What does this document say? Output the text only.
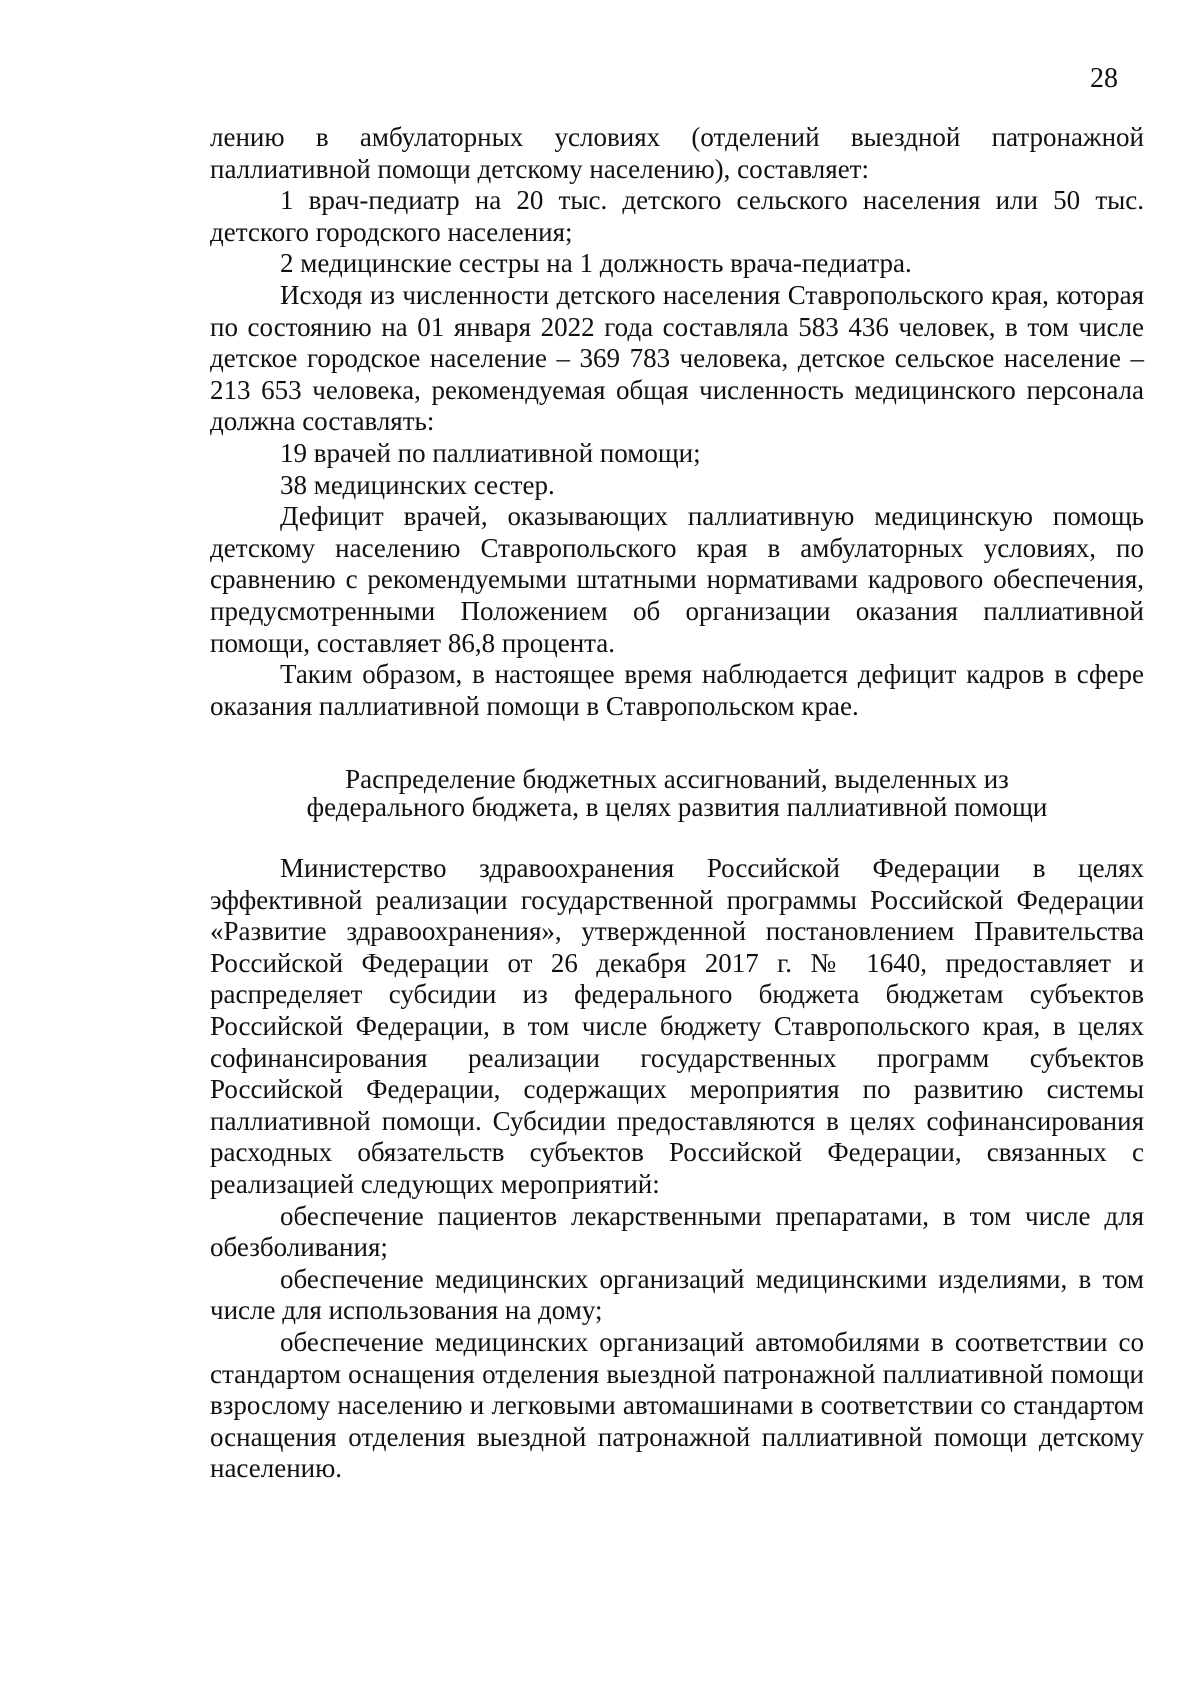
28

лению в амбулаторных условиях (отделений выездной патронажной паллиативной помощи детскому населению), составляет:

1 врач-педиатр на 20 тыс. детского сельского населения или 50 тыс. детского городского населения;

2 медицинские сестры на 1 должность врача-педиатра.

Исходя из численности детского населения Ставропольского края, которая по состоянию на 01 января 2022 года составляла 583 436 человек, в том числе детское городское население – 369 783 человека, детское сельское население – 213 653 человека, рекомендуемая общая численность медицинского персонала должна составлять:

19 врачей по паллиативной помощи;

38 медицинских сестер.

Дефицит врачей, оказывающих паллиативную медицинскую помощь детскому населению Ставропольского края в амбулаторных условиях, по сравнению с рекомендуемыми штатными нормативами кадрового обеспечения, предусмотренными Положением об организации оказания паллиативной помощи, составляет 86,8 процента.

Таким образом, в настоящее время наблюдается дефицит кадров в сфере оказания паллиативной помощи в Ставропольском крае.

Распределение бюджетных ассигнований, выделенных из
федерального бюджета, в целях развития паллиативной помощи

Министерство здравоохранения Российской Федерации в целях эффективной реализации государственной программы Российской Федерации «Развитие здравоохранения», утвержденной постановлением Правительства Российской Федерации от 26 декабря 2017 г. № 1640, предоставляет и распределяет субсидии из федерального бюджета бюджетам субъектов Российской Федерации, в том числе бюджету Ставропольского края, в целях софинансирования реализации государственных программ субъектов Российской Федерации, содержащих мероприятия по развитию системы паллиативной помощи. Субсидии предоставляются в целях софинансирования расходных обязательств субъектов Российской Федерации, связанных с реализацией следующих мероприятий:

обеспечение пациентов лекарственными препаратами, в том числе для обезболивания;

обеспечение медицинских организаций медицинскими изделиями, в том числе для использования на дому;

обеспечение медицинских организаций автомобилями в соответствии со стандартом оснащения отделения выездной патронажной паллиативной помощи взрослому населению и легковыми автомашинами в соответствии со стандартом оснащения отделения выездной патронажной паллиативной помощи детскому населению.
